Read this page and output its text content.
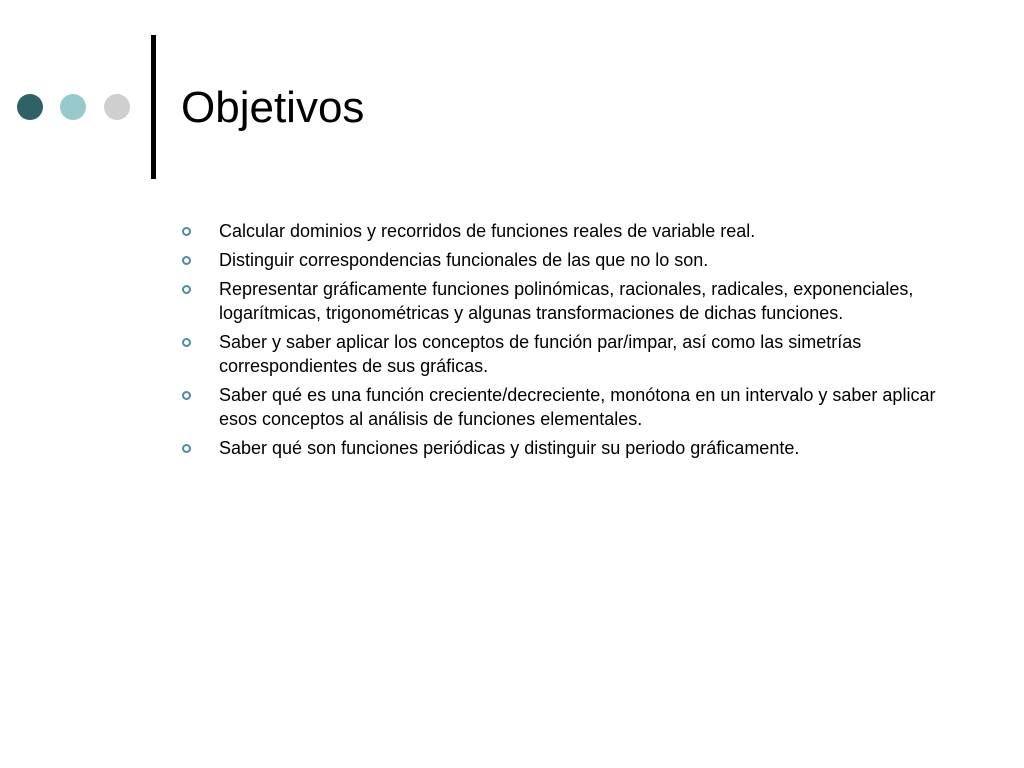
Objetivos
Calcular dominios y recorridos de funciones reales de variable real.
Distinguir correspondencias funcionales de las que no lo son.
Representar gráficamente funciones polinómicas, racionales, radicales, exponenciales, logarítmicas, trigonométricas y algunas transformaciones de dichas funciones.
Saber y saber aplicar los conceptos de función par/impar, así como las simetrías correspondientes de sus gráficas.
Saber qué es una función creciente/decreciente, monótona en un intervalo y saber aplicar esos conceptos al análisis de funciones elementales.
Saber qué son funciones periódicas y distinguir su periodo gráficamente.
